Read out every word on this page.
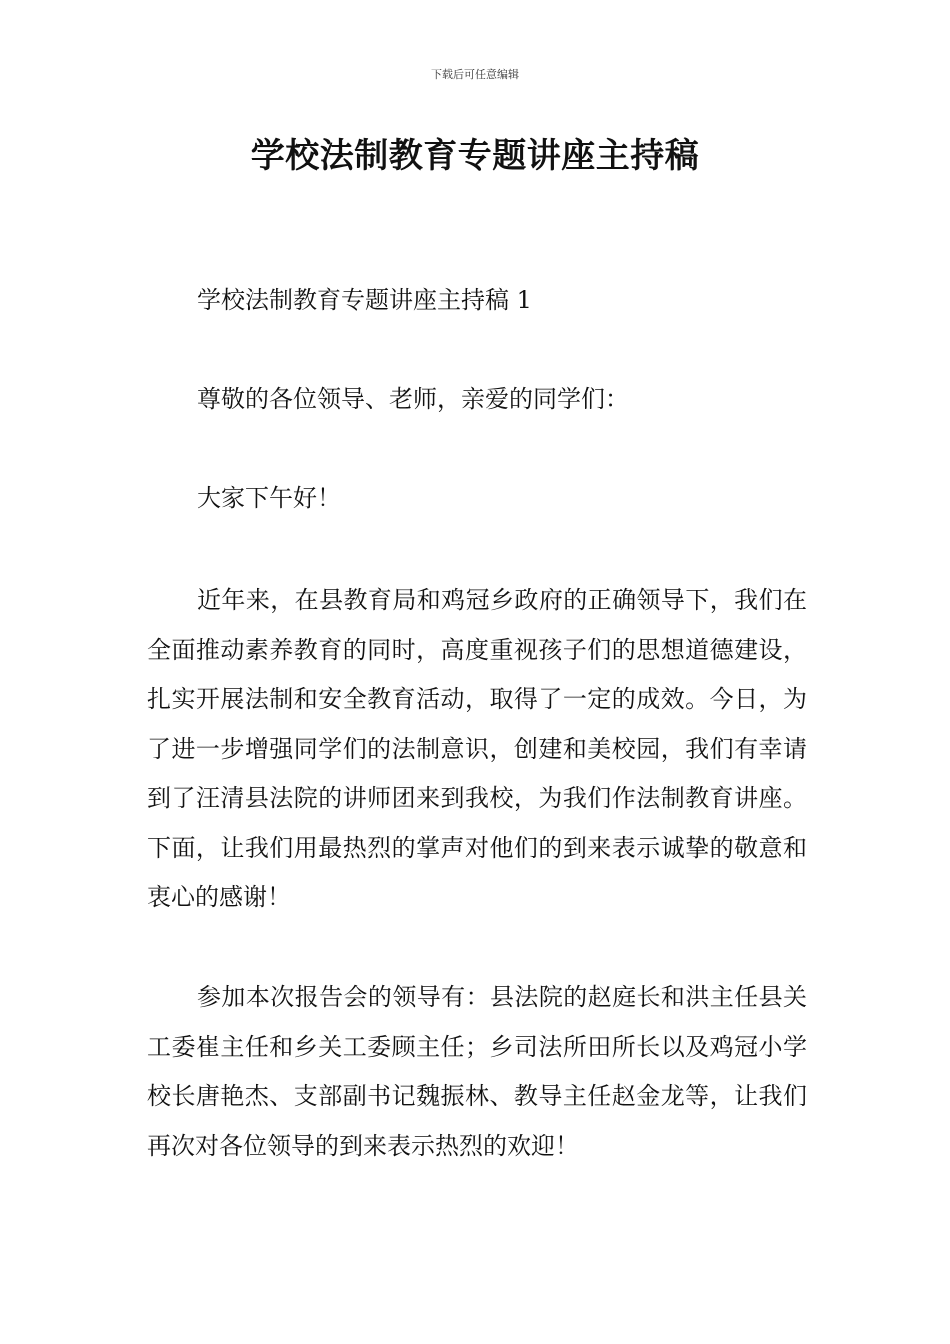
下载后可任意编辑
学校法制教育专题讲座主持稿

学校法制教育专题讲座主持稿 1

尊敬的各位领导、老师，亲爱的同学们：

大家下午好！

近年来，在县教育局和鸡冠乡政府的正确领导下，我们在全面推动素养教育的同时，高度重视孩子们的思想道德建设，扎实开展法制和安全教育活动，取得了一定的成效。今日，为了进一步增强同学们的法制意识，创建和美校园，我们有幸请到了汪清县法院的讲师团来到我校，为我们作法制教育讲座。下面，让我们用最热烈的掌声对他们的到来表示诚挚的敬意和衷心的感谢！

参加本次报告会的领导有：县法院的赵庭长和洪主任县关工委崔主任和乡关工委顾主任；乡司法所田所长以及鸡冠小学校长唐艳杰、支部副书记魏振林、教导主任赵金龙等，让我们再次对各位领导的到来表示热烈的欢迎！
